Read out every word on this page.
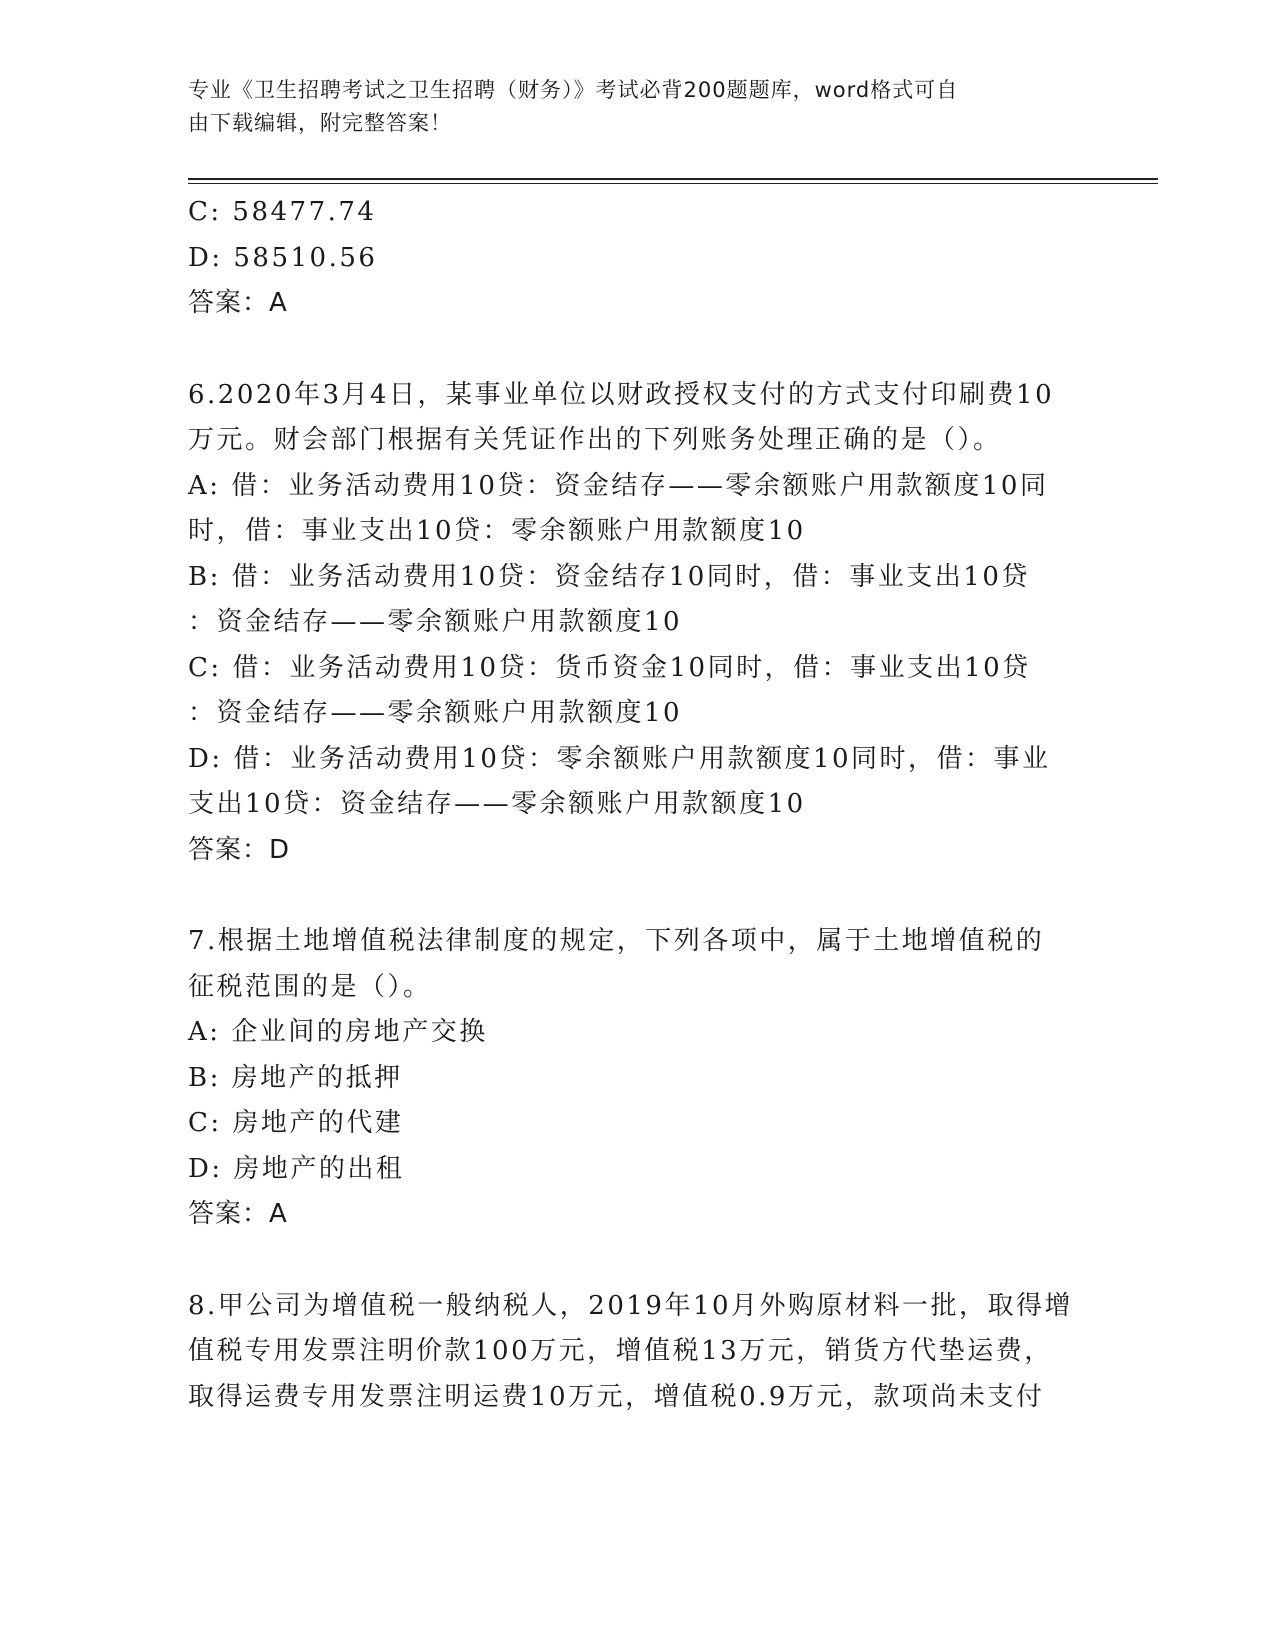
专业《卫生招聘考试之卫生招聘（财务）》考试必背200题题库，word格式可自
由下载编辑，附完整答案！
C: 58477.74
D: 58510.56
答案：A
6.2020年3月4日，某事业单位以财政授权支付的方式支付印刷费10
万元。财会部门根据有关凭证作出的下列账务处理正确的是（）。
A: 借：业务活动费用10贷：资金结存——零余额账户用款额度10同
时，借：事业支出10贷：零余额账户用款额度10
B: 借：业务活动费用10贷：资金结存10同时，借：事业支出10贷
：资金结存——零余额账户用款额度10
C: 借：业务活动费用10贷：货币资金10同时，借：事业支出10贷
：资金结存——零余额账户用款额度10
D: 借：业务活动费用10贷：零余额账户用款额度10同时，借：事业
支出10贷：资金结存——零余额账户用款额度10
答案：D
7.根据土地增值税法律制度的规定，下列各项中，属于土地增值税的
征税范围的是（）。
A: 企业间的房地产交换
B: 房地产的抵押
C: 房地产的代建
D: 房地产的出租
答案：A
8.甲公司为增值税一般纳税人，2019年10月外购原材料一批，取得增
值税专用发票注明价款100万元，增值税13万元，销货方代垫运费，
取得运费专用发票注明运费10万元，增值税0.9万元，款项尚未支付
